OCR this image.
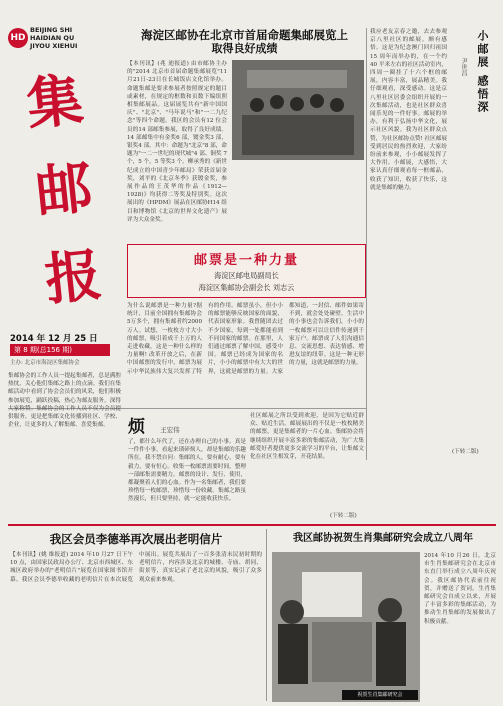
HD
BEIJING SHI
HAIDIAN QU
JIYOU XIEHUI
集邮报
2014 年 12 月 25 日
第 8 期(总156 期)
主办: 北京市海淀区集邮协会
海淀区邮协在北京市首届命题集邮展览上
取得良好成绩
【本刊讯】(兆 迪报道) 由市邮协主办的"2014 北京市首届命题集邮展览"11月21日-23日在长城饭店文化馆举办。命题集邮是要求参展者按照规定的题目或素材，在规定的框数和页数下编组照相集邮展品。这届展览共有"新中国国庆"、"北京"、"马年说马"和"一二九纪念"等四个命题。我区的会员有12 位会员的14 部邮集参展，取得了良好成绩。14 部邮集中有金奖6 部，镀金奖3 部，银奖4 部。其中：命题为"北京"8 部，命题为"一二一世纪的现代城"4 部、铜奖 7 个，5 个，5 等奖3 个。柳承秀的《新世纪成立的中国青少年邮局》荣获首届金奖，刘平的《北京冬季》获镀金奖，参展作品的王茂华的作品《1912—1928)》均获得二等奖及特别奖。这次展出的《HPDM》展品在区邮协H14 组目和博物馆《北京的世界文化遗产》展评为大众金奖。
邮票是一种力量
海淀区邮电局副局长
海淀区集邮协会副会长 刘志云
为什么说邮票是一种力量?据统计，目前全国拥有集邮协会5万多个，拥有集邮者约2000万人。试想，一枚枚方寸大小的邮票，吸引着成千上万的人走进收藏，这是一种什么样的力量啊! 改革开放之后，在新中国邮票的发行中，邮票为展示中华民族伟大复兴发挥了特有的作用。邮票虽小，但小小的邮票能够反映国家的面貌，代表国家形象。我曾随团去过不少国家，每到一处都能看到不同国家的邮票。在那里，人们通过邮票了解中国，感受中国。邮票已经成为国家的名片，小小的邮票中有大大的世界，这就是邮票的力量。大家都知道，一封信、邮件如果寄不到，就会处处碰壁。生活中的小事也会告诉我们，小小的一枚邮票可以让信件传递到千家万户。邮票成了人们沟通信息、交流思想、表达情感、增进友谊的纽带。这是一种无形的力量，这就是邮票的力量。
我应老友京春之邀，去去参观京八里社区的邮展。颇有感悟。这是为纪念澳门回归祖国15 周年而举办的，在一个约40 平米左右的社区活动室内，四周一圈挂了十六个框的邮展，内容丰富，展品精美。我仔细观看，深受感动。这是京八里社区居委会组织开展的一次集邮活动，也是社区群众喜闻乐见的一件好事。邮展的举办，有利于弘扬中华文化，展示社区风貌。我为社区群众点赞，为社区邮协点赞! 社区邮展受到居民的热烈欢迎，大家纷纷前来参观，小小邮展发挥了大作用。小邮展，大感悟，大家认真仔细观看每一框邮品，收获了知识，收获了快乐，这就是集邮的魅力。
小邮展 感悟深
尹世昌
(下转二版)
集邮协会的工作人员一提起集邮者，总是满腔热忱，关心他们集邮之路上的点滴。我们在集邮活动中看到了协会会员们的风采，他们积极参加展览，踊跃投稿，热心为邮友服务，深得大家称赞。集邮协会的工作人员不仅为会员提供服务，更是把集邮文化传播到社区、学校、企业，让更多的人了解集邮、喜爱集邮。	烦 王宏伟
了，都什么年代了，还在办理自己的小事。真是一件件小事，看起来琐碎烦人，却是集邮的乐趣所在。我不禁自问：集邮的人，要有耐心，要有毅力，要有恒心。收集一枚邮票需要时间，整理一部邮集需要精力。邮票的设计、发行、使用，都凝聚着人们的心血。作为一名集邮者，我们要珍惜每一枚邮票，珍惜每一份收藏。集邮之路虽然漫长，但只要坚持，就一定能收获快乐。
社区邮展之所以受到欢迎，是因为它贴近群众、贴近生活。邮展展出的不仅是一枚枚精美的邮票，更是集邮者的一片心血。集邮协会将继续组织开展丰富多彩的集邮活动，为广大集邮爱好者提供更多交流学习的平台，让集邮文化在社区生根发芽，开花结果。
(下转二版)
我区会员李德举再次展出老明信片
【本刊讯】(姚 维报道) 2014 年10 月27 日下午10 点，由国家民政局办公厅、北京市西城区、东城区政府举办的"老明信片"展览在国家图书馆开幕。我区会员李德举收藏的老明信片在本次展览中展出。展览共展出了一百多张清末民初时期的老明信片，内容涉及北京的城楼、寺庙、胡同、街景等，真实记录了老北京的风貌，吸引了众多观众前来参观。
我区邮协祝贺生肖集邮研究会成立八周年
祝贺生肖集邮研究会
2014 年10 月26 日，北京市生肖集邮研究会在北京市东直门举行成立八周年庆祝会。我区邮协代表前往祝贺，并赠送了贺词。生肖集邮研究会自成立以来，开展了丰富多彩的集邮活动，为推动生肖集邮的发展做出了积极贡献。
